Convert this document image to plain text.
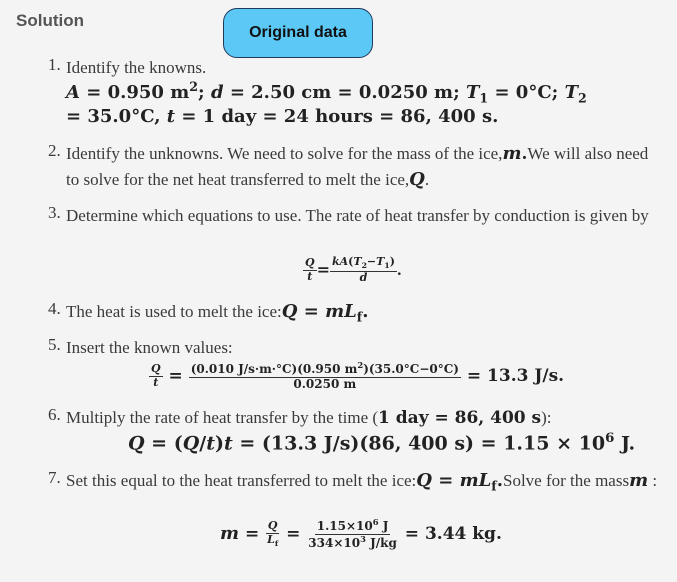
Solution
Original data
1. Identify the knowns.
A = 0.950 $m^2$; d = 2.50 cm = 0.0250 m; $T_1 = 0^\circ C$; $T_2$
= 35.0°C, t = 1 day = 24 hours = 86, 400 s.
2. Identify the unknowns. We need to solve for the mass of the ice,m.We will also need to solve for the net heat transferred to melt the ice,Q.
3. Determine which equations to use. The rate of heat transfer by conduction is given by
$\frac{Q}{t} = \frac{kA(T_2-T_1)}{d}$ .
4. The heat is used to melt the ice:Q = $mL_f$.
5. Insert the known values:
$\frac{Q}{t} = \frac{(0.010 J/s\cdot m\cdot^\circ C)(0.950 m^2)(35.0^\circ C-0^\circ C)}{0.0250 m} = 13.3$ J/s.
6. Multiply the rate of heat transfer by the time (1 day = 86, 400 s):
Q = (Q/t)t = (13.3 J/s)(86, 400 $s) = 1.15 \times 10^6$ J.
7. Set this equal to the heat transferred to melt the ice:Q = $mL_f.Solve$ for the massm :
$m = \frac{Q}{L_f} = \frac{1.15\times 10^6 J}{334\times 10^3 J/kg} = 3.44$ kg.
